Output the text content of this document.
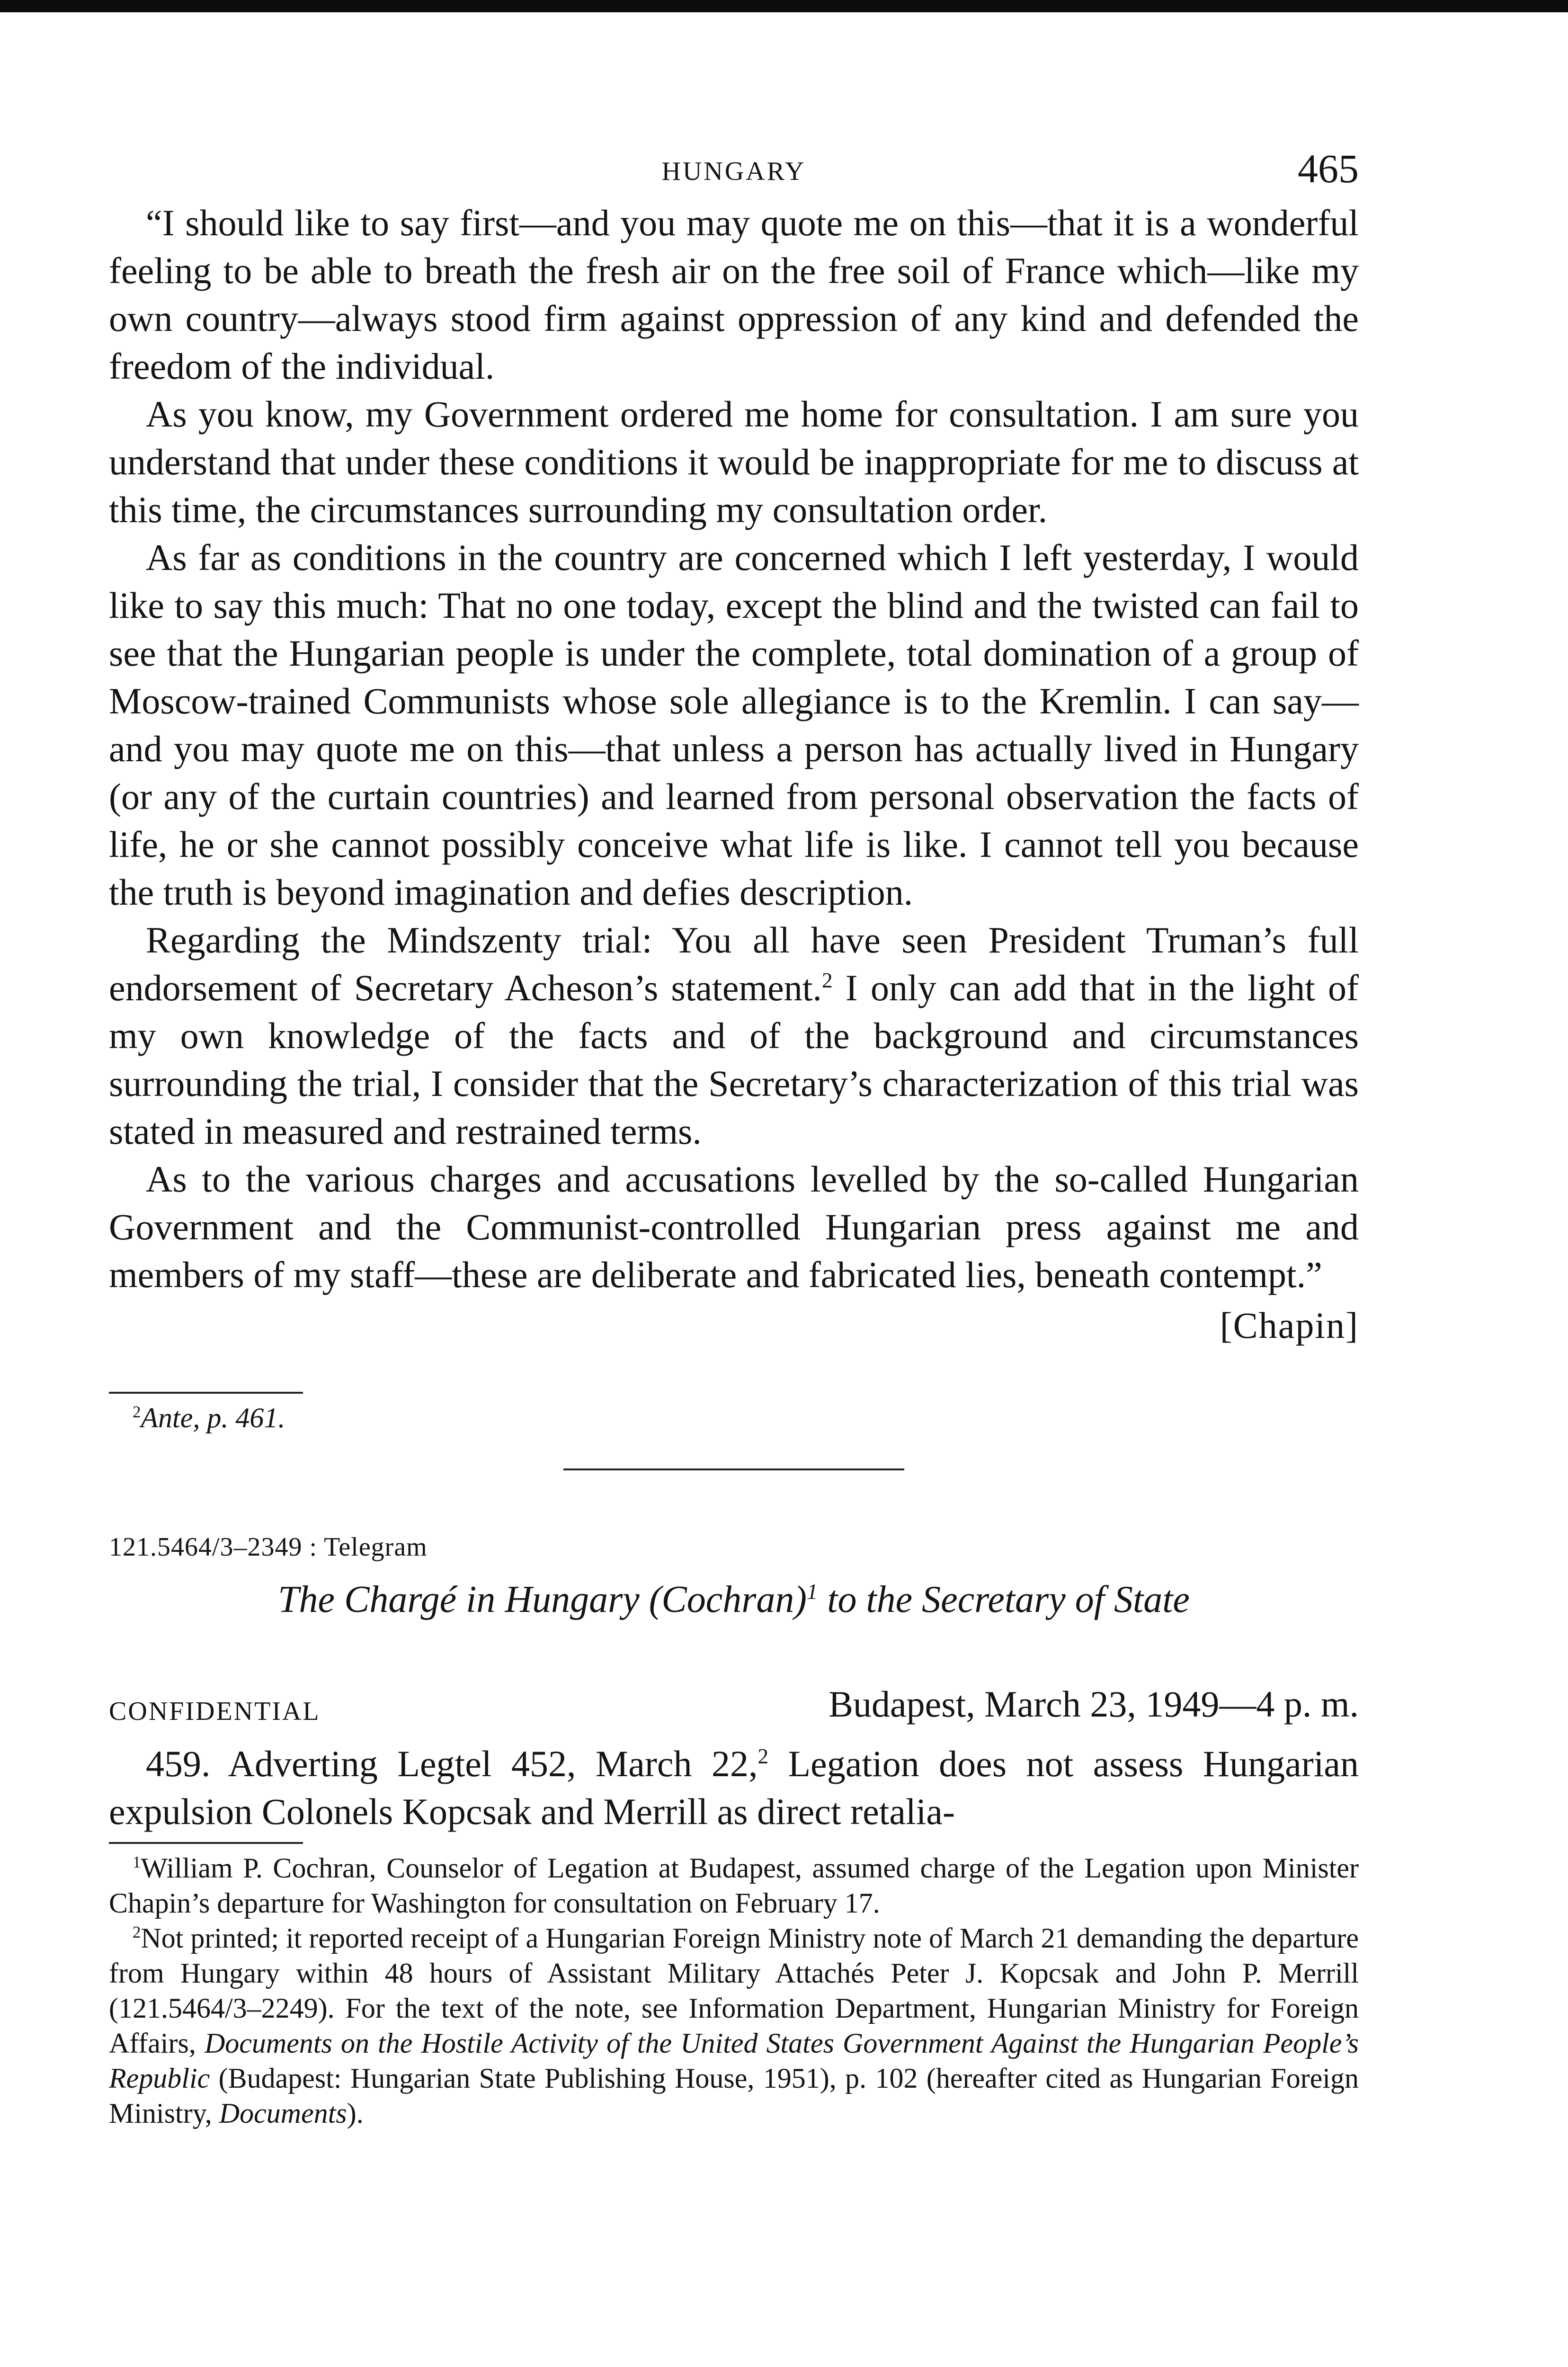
HUNGARY	465

“I should like to say first—and you may quote me on this—that it is a wonderful feeling to be able to breath the fresh air on the free soil of France which—like my own country—always stood firm against oppression of any kind and defended the freedom of the individual.

As you know, my Government ordered me home for consultation. I am sure you understand that under these conditions it would be inappropriate for me to discuss at this time, the circumstances surrounding my consultation order.

As far as conditions in the country are concerned which I left yesterday, I would like to say this much: That no one today, except the blind and the twisted can fail to see that the Hungarian people is under the complete, total domination of a group of Moscow-trained Communists whose sole allegiance is to the Kremlin. I can say—and you may quote me on this—that unless a person has actually lived in Hungary (or any of the curtain countries) and learned from personal observation the facts of life, he or she cannot possibly conceive what life is like. I cannot tell you because the truth is beyond imagination and defies description.

Regarding the Mindszenty trial: You all have seen President Truman’s full endorsement of Secretary Acheson’s statement.$^2$ I only can add that in the light of my own knowledge of the facts and of the background and circumstances surrounding the trial, I consider that the Secretary’s characterization of this trial was stated in measured and restrained terms.

As to the various charges and accusations levelled by the so-called Hungarian Government and the Communist-controlled Hungarian press against me and members of my staff—these are deliberate and fabricated lies, beneath contempt.”

[Chapin]

$^2$Ante, p. 461.

121.5464/3–2349 : Telegram
The Chargé in Hungary (Cochran)$^1$ to the Secretary of State
CONFIDENTIAL	Budapest, March 23, 1949—4 p. m.

459. Adverting Legtel 452, March 22,$^2$ Legation does not assess Hungarian expulsion Colonels Kopcsak and Merrill as direct retalia-

$^1$William P. Cochran, Counselor of Legation at Budapest, assumed charge of the Legation upon Minister Chapin’s departure for Washington for consultation on February 17.

$^2$Not printed; it reported receipt of a Hungarian Foreign Ministry note of March 21 demanding the departure from Hungary within 48 hours of Assistant Military Attachés Peter J. Kopcsak and John P. Merrill (121.5464/3–2249). For the text of the note, see Information Department, Hungarian Ministry for Foreign Affairs, Documents on the Hostile Activity of the United States Government Against the Hungarian People’s Republic (Budapest: Hungarian State Publishing House, 1951), p. 102 (hereafter cited as Hungarian Foreign Ministry, Documents).
